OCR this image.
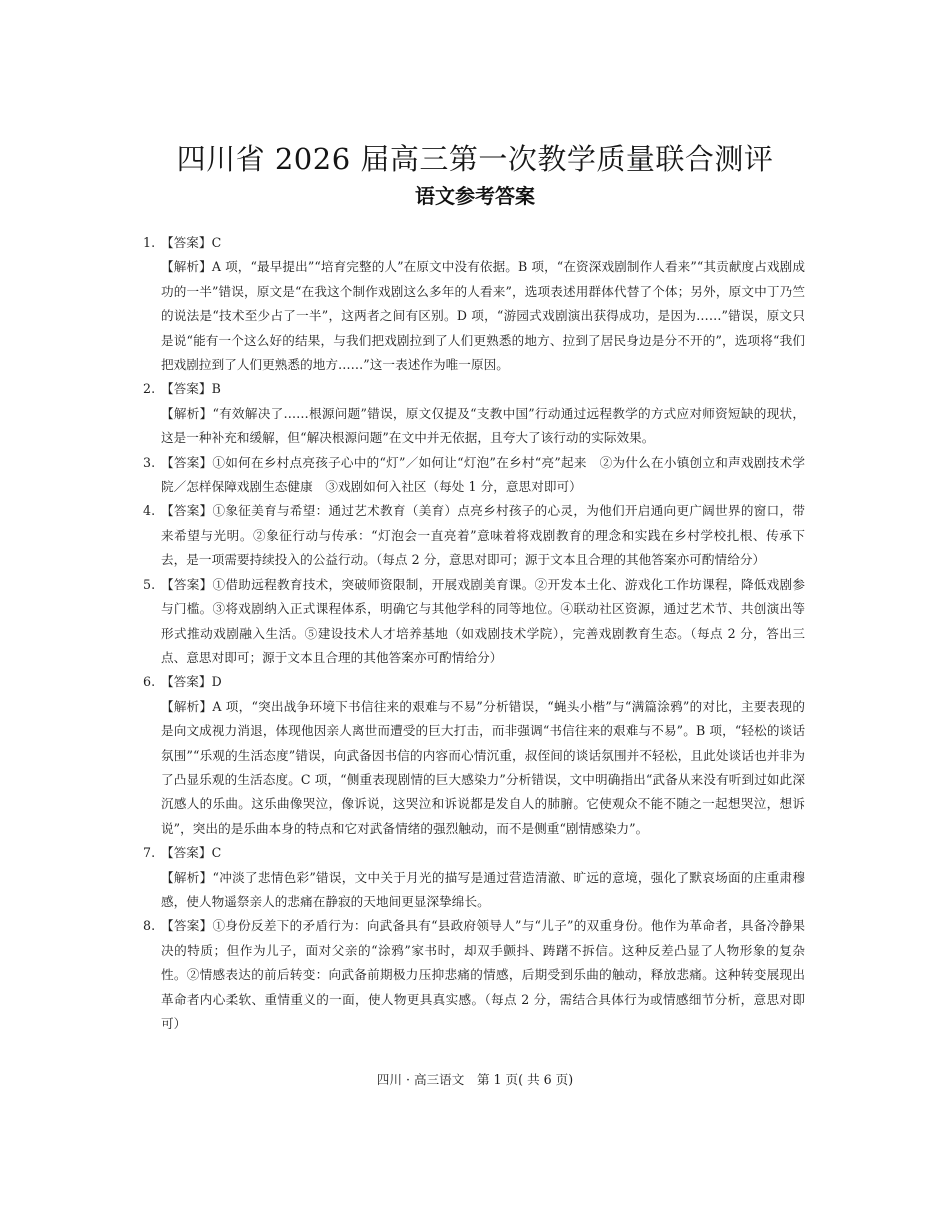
四川省 2026 届高三第一次教学质量联合测评
语文参考答案
1. 【答案】C

【解析】A 项，“最早提出”“培育完整的人”在原文中没有依据。B 项，“在资深戏剧制作人看来”“其贡献度占戏剧成功的一半”错误，原文是“在我这个制作戏剧这么多年的人看来”，选项表述用群体代替了个体；另外，原文中丁乃竺的说法是“技术至少占了一半”，这两者之间有区别。D 项，“游园式戏剧演出获得成功，是因为……”错误，原文只是说“能有一个这么好的结果，与我们把戏剧拉到了人们更熟悉的地方、拉到了居民身边是分不开的”，选项将“我们把戏剧拉到了人们更熟悉的地方……”这一表述作为唯一原因。

2. 【答案】B

【解析】“有效解决了……根源问题”错误，原文仅提及“支教中国”行动通过远程教学的方式应对师资短缺的现状，这是一种补充和缓解，但“解决根源问题”在文中并无依据，且夸大了该行动的实际效果。

3. 【答案】①如何在乡村点亮孩子心中的“灯”／如何让“灯泡”在乡村“亮”起来　②为什么在小镇创立和声戏剧技术学院／怎样保障戏剧生态健康　③戏剧如何入社区（每处 1 分，意思对即可）

4. 【答案】①象征美育与希望：通过艺术教育（美育）点亮乡村孩子的心灵，为他们开启通向更广阔世界的窗口，带来希望与光明。②象征行动与传承：“灯泡会一直亮着”意味着将戏剧教育的理念和实践在乡村学校扎根、传承下去，是一项需要持续投入的公益行动。（每点 2 分，意思对即可；源于文本且合理的其他答案亦可酌情给分）

5. 【答案】①借助远程教育技术，突破师资限制，开展戏剧美育课。②开发本土化、游戏化工作坊课程，降低戏剧参与门槛。③将戏剧纳入正式课程体系，明确它与其他学科的同等地位。④联动社区资源，通过艺术节、共创演出等形式推动戏剧融入生活。⑤建设技术人才培养基地（如戏剧技术学院），完善戏剧教育生态。（每点 2 分，答出三点、意思对即可；源于文本且合理的其他答案亦可酌情给分）

6. 【答案】D

【解析】A 项，“突出战争环境下书信往来的艰难与不易”分析错误，“蝇头小楷”与“满篇涂鸦”的对比，主要表现的是向文成视力消退，体现他因亲人离世而遭受的巨大打击，而非强调“书信往来的艰难与不易”。B 项，“轻松的谈话氛围”“乐观的生活态度”错误，向武备因书信的内容而心情沉重，叔侄间的谈话氛围并不轻松，且此处谈话也并非为了凸显乐观的生活态度。C 项，“侧重表现剧情的巨大感染力”分析错误，文中明确指出“武备从来没有听到过如此深沉感人的乐曲。这乐曲像哭泣，像诉说，这哭泣和诉说都是发自人的肺腑。它使观众不能不随之一起想哭泣，想诉说”，突出的是乐曲本身的特点和它对武备情绪的强烈触动，而不是侧重“剧情感染力”。

7. 【答案】C

【解析】“冲淡了悲情色彩”错误，文中关于月光的描写是通过营造清澈、旷远的意境，强化了默哀场面的庄重肃穆感，使人物遥祭亲人的悲痛在静寂的天地间更显深挚绵长。

8. 【答案】①身份反差下的矛盾行为：向武备具有“县政府领导人”与“儿子”的双重身份。他作为革命者，具备冷静果决的特质；但作为儿子，面对父亲的“涂鸦”家书时，却双手颤抖、踌躇不拆信。这种反差凸显了人物形象的复杂性。②情感表达的前后转变：向武备前期极力压抑悲痛的情感，后期受到乐曲的触动，释放悲痛。这种转变展现出革命者内心柔软、重情重义的一面，使人物更具真实感。（每点 2 分，需结合具体行为或情感细节分析，意思对即可）

四川 · 高三语文　第 1 页( 共 6 页)
